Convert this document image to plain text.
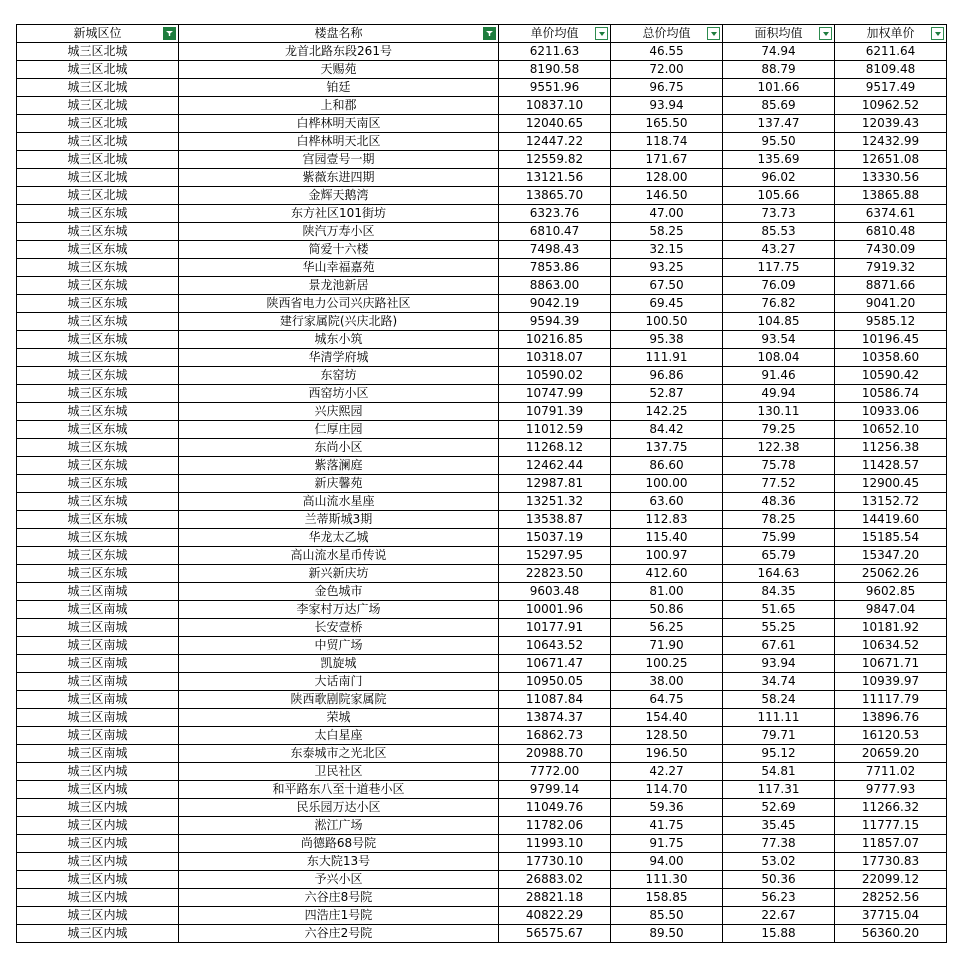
新城区位	楼盘名称	单价均值	总价均值	面积均值	加权单价

城三区北城	龙首北路东段261号	6211.63	46.55	74.94	6211.64
城三区北城	天赐苑	8190.58	72.00	88.79	8109.48
城三区北城	铂廷	9551.96	96.75	101.66	9517.49
城三区北城	上和郡	10837.10	93.94	85.69	10962.52
城三区北城	白桦林明天南区	12040.65	165.50	137.47	12039.43
城三区北城	白桦林明天北区	12447.22	118.74	95.50	12432.99
城三区北城	宫园壹号一期	12559.82	171.67	135.69	12651.08
城三区北城	紫薇东进四期	13121.56	128.00	96.02	13330.56
城三区北城	金辉天鹅湾	13865.70	146.50	105.66	13865.88
城三区东城	东方社区101街坊	6323.76	47.00	73.73	6374.61
城三区东城	陕汽万寿小区	6810.47	58.25	85.53	6810.48
城三区东城	简爱十六楼	7498.43	32.15	43.27	7430.09
城三区东城	华山幸福嘉苑	7853.86	93.25	117.75	7919.32
城三区东城	景龙池新居	8863.00	67.50	76.09	8871.66
城三区东城	陕西省电力公司兴庆路社区	9042.19	69.45	76.82	9041.20
城三区东城	建行家属院(兴庆北路)	9594.39	100.50	104.85	9585.12
城三区东城	城东小筑	10216.85	95.38	93.54	10196.45
城三区东城	华清学府城	10318.07	111.91	108.04	10358.60
城三区东城	东窑坊	10590.02	96.86	91.46	10590.42
城三区东城	西窑坊小区	10747.99	52.87	49.94	10586.74
城三区东城	兴庆熙园	10791.39	142.25	130.11	10933.06
城三区东城	仁厚庄园	11012.59	84.42	79.25	10652.10
城三区东城	东尚小区	11268.12	137.75	122.38	11256.38
城三区东城	紫落澜庭	12462.44	86.60	75.78	11428.57
城三区东城	新庆馨苑	12987.81	100.00	77.52	12900.45
城三区东城	高山流水星座	13251.32	63.60	48.36	13152.72
城三区东城	兰蒂斯城3期	13538.87	112.83	78.25	14419.60
城三区东城	华龙太乙城	15037.19	115.40	75.99	15185.54
城三区东城	高山流水星币传说	15297.95	100.97	65.79	15347.20
城三区东城	新兴新庆坊	22823.50	412.60	164.63	25062.26
城三区南城	金色城市	9603.48	81.00	84.35	9602.85
城三区南城	李家村万达广场	10001.96	50.86	51.65	9847.04
城三区南城	长安壹桥	10177.91	56.25	55.25	10181.92
城三区南城	中贸广场	10643.52	71.90	67.61	10634.52
城三区南城	凯旋城	10671.47	100.25	93.94	10671.71
城三区南城	大话南门	10950.05	38.00	34.74	10939.97
城三区南城	陕西歌剧院家属院	11087.84	64.75	58.24	11117.79
城三区南城	荣城	13874.37	154.40	111.11	13896.76
城三区南城	太白星座	16862.73	128.50	79.71	16120.53
城三区南城	东泰城市之光北区	20988.70	196.50	95.12	20659.20
城三区内城	卫民社区	7772.00	42.27	54.81	7711.02
城三区内城	和平路东八至十道巷小区	9799.14	114.70	117.31	9777.93
城三区内城	民乐园万达小区	11049.76	59.36	52.69	11266.32
城三区内城	淞江广场	11782.06	41.75	35.45	11777.15
城三区内城	尚德路68号院	11993.10	91.75	77.38	11857.07
城三区内城	东大院13号	17730.10	94.00	53.02	17730.83
城三区内城	予兴小区	26883.02	111.30	50.36	22099.12
城三区内城	六谷庄8号院	28821.18	158.85	56.23	28252.56
城三区内城	四浩庄1号院	40822.29	85.50	22.67	37715.04
城三区内城	六谷庄2号院	56575.67	89.50	15.88	56360.20
